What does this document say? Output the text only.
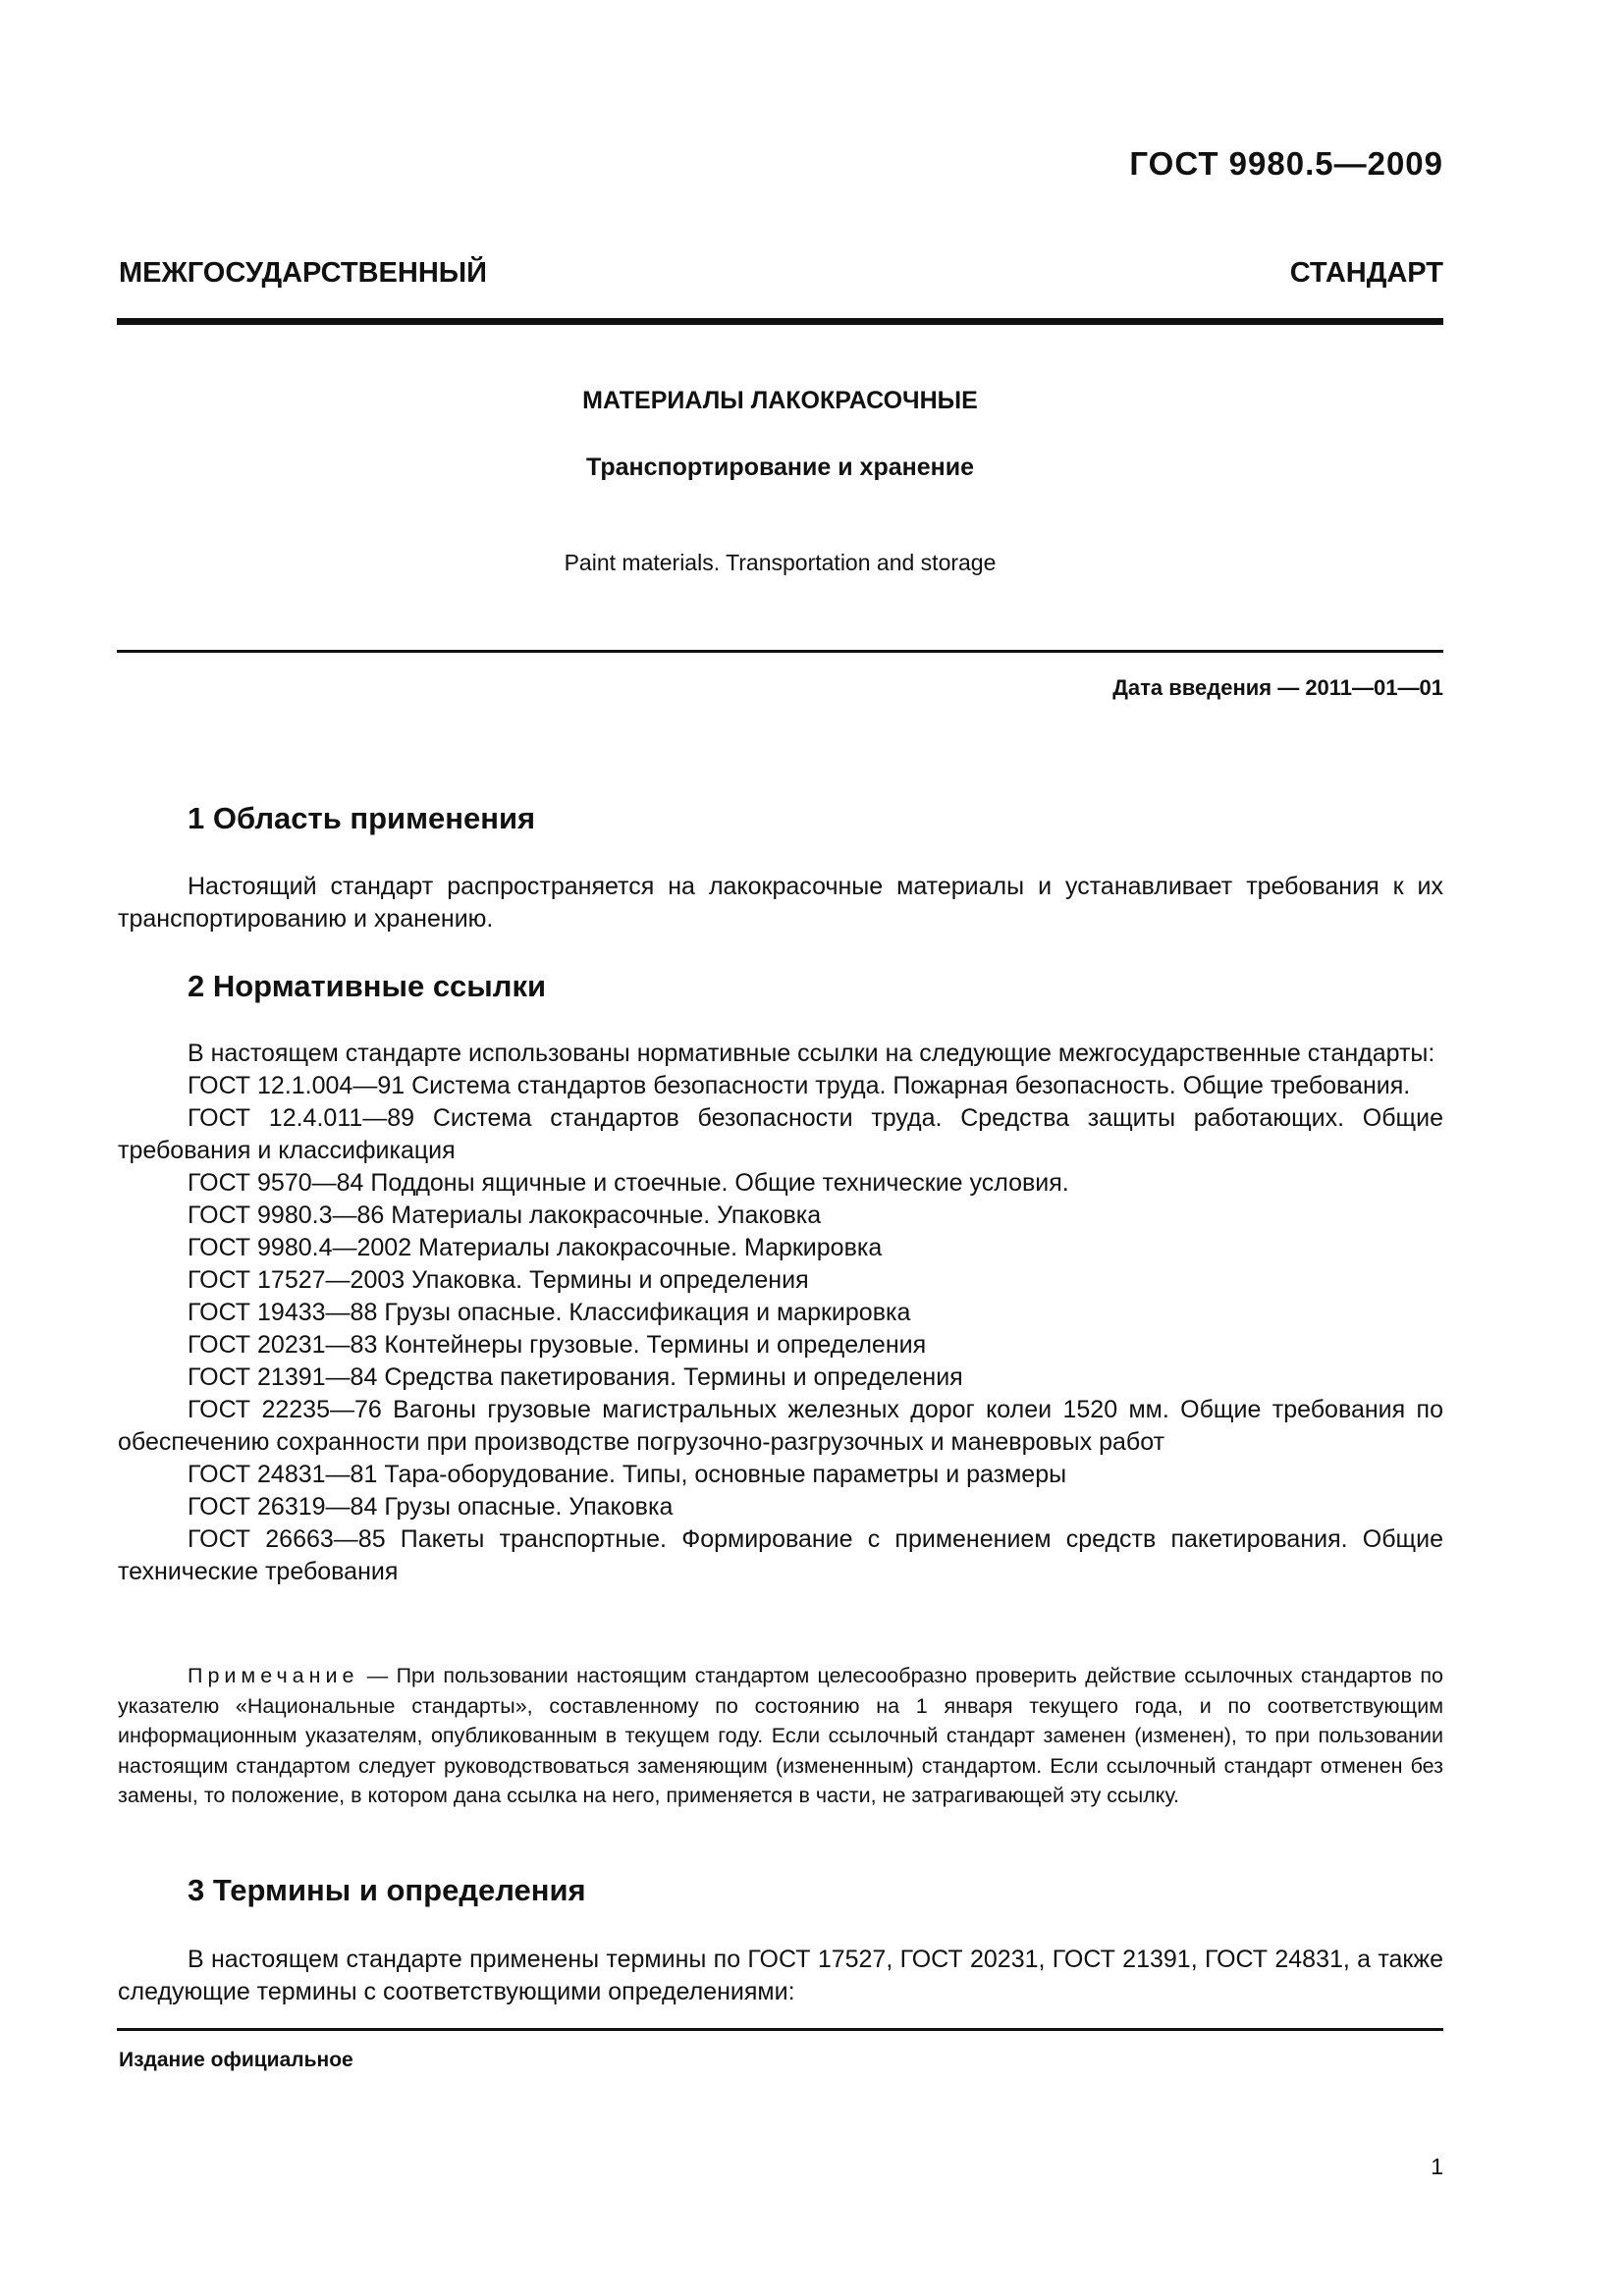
ГОСТ 9980.5—2009
МЕЖГОСУДАРСТВЕННЫЙ СТАНДАРТ
МАТЕРИАЛЫ ЛАКОКРАСОЧНЫЕ
Транспортирование и хранение
Paint materials. Transportation and storage
Дата введения — 2011—01—01
1 Область применения

Настоящий стандарт распространяется на лакокрасочные материалы и устанавливает требования к их транспортированию и хранению.

2 Нормативные ссылки

В настоящем стандарте использованы нормативные ссылки на следующие межгосударственные стандарты:

ГОСТ 12.1.004—91 Система стандартов безопасности труда. Пожарная безопасность. Общие требования.

ГОСТ 12.4.011—89 Система стандартов безопасности труда. Средства защиты работающих. Общие требования и классификация

ГОСТ 9570—84 Поддоны ящичные и стоечные. Общие технические условия.

ГОСТ 9980.3—86 Материалы лакокрасочные. Упаковка

ГОСТ 9980.4—2002 Материалы лакокрасочные. Маркировка

ГОСТ 17527—2003 Упаковка. Термины и определения

ГОСТ 19433—88 Грузы опасные. Классификация и маркировка

ГОСТ 20231—83 Контейнеры грузовые. Термины и определения

ГОСТ 21391—84 Средства пакетирования. Термины и определения

ГОСТ 22235—76 Вагоны грузовые магистральных железных дорог колеи 1520 мм. Общие требования по обеспечению сохранности при производстве погрузочно-разгрузочных и маневровых работ

ГОСТ 24831—81 Тара-оборудование. Типы, основные параметры и размеры

ГОСТ 26319—84 Грузы опасные. Упаковка

ГОСТ 26663—85 Пакеты транспортные. Формирование с применением средств пакетирования. Общие технические требования

Примечание — При пользовании настоящим стандартом целесообразно проверить действие ссылочных стандартов по указателю «Национальные стандарты», составленному по состоянию на 1 января текущего года, и по соответствующим информационным указателям, опубликованным в текущем году. Если ссылочный стандарт заменен (изменен), то при пользовании настоящим стандартом следует руководствоваться заменяющим (измененным) стандартом. Если ссылочный стандарт отменен без замены, то положение, в котором дана ссылка на него, применяется в части, не затрагивающей эту ссылку.

3 Термины и определения

В настоящем стандарте применены термины по ГОСТ 17527, ГОСТ 20231, ГОСТ 21391, ГОСТ 24831, а также следующие термины с соответствующими определениями:

Издание официальное
1
